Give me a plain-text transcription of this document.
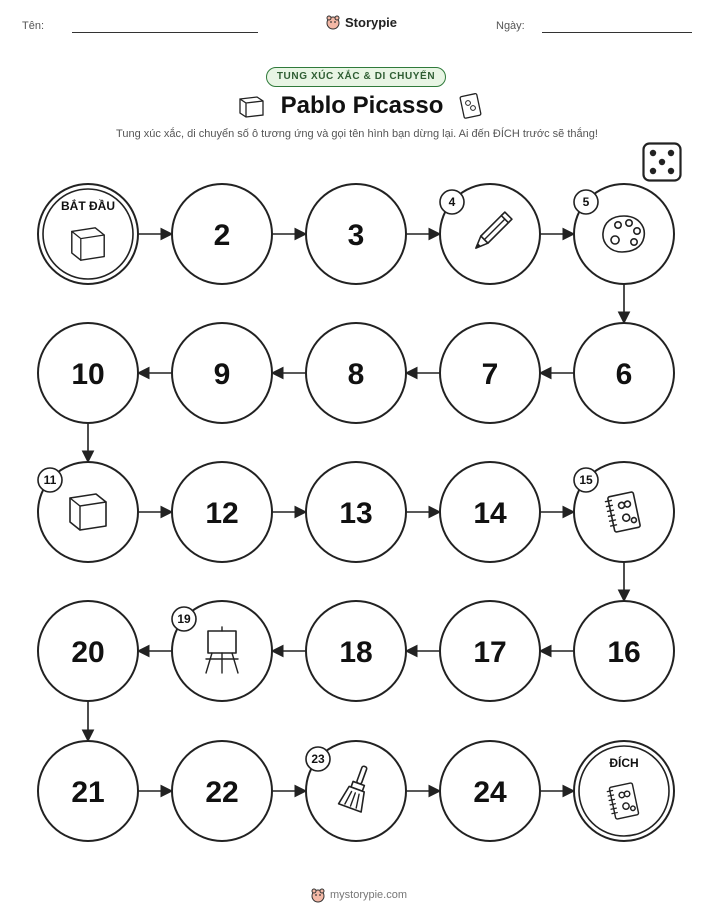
Tên:	Storypie	Ngày:
TUNG XÚC XẮC & DI CHUYỂN
Pablo Picasso
Tung xúc xắc, di chuyển số ô tương ứng và gọi tên hình bạn dừng lại. Ai đến ĐÍCH trước sẽ thắng!
BẮT ĐẦU
2	3
4	5
6
7
8
9
10
11
12	13	14
15
16
17
18
19
20
21	22
23
24
ĐÍCH
mystorypie.com
